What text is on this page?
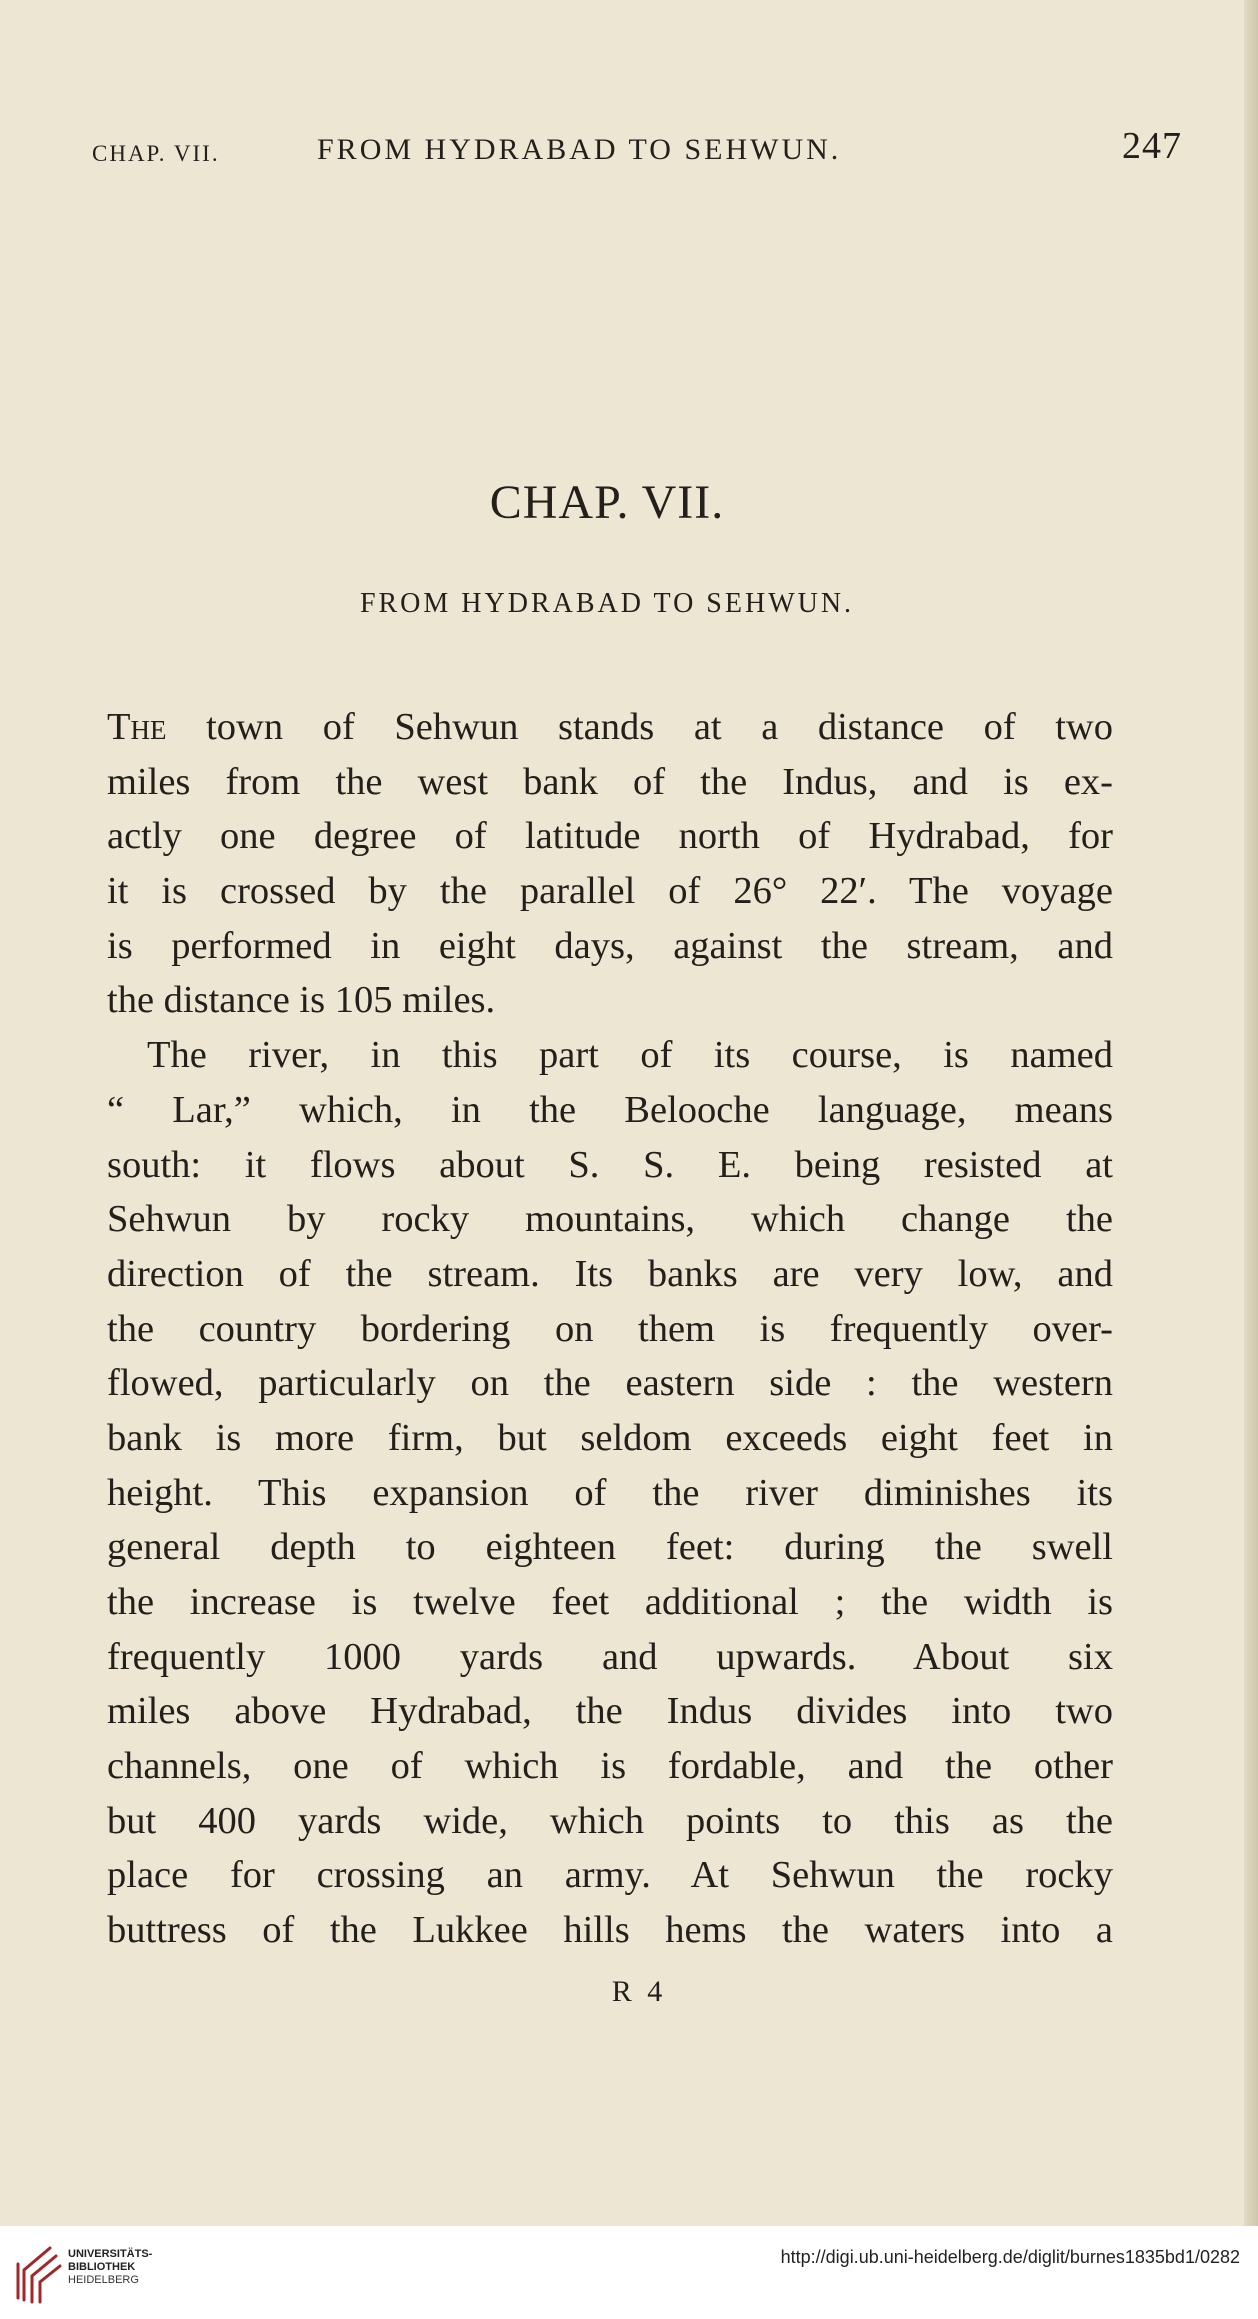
CHAP. VII.	FROM HYDRABAD TO SEHWUN.	247
CHAP. VII.
FROM HYDRABAD TO SEHWUN.
The town of Sehwun stands at a distance of two
miles from the west bank of the Indus, and is ex-
actly one degree of latitude north of Hydrabad, for
it is crossed by the parallel of 26° 22′. The voyage
is performed in eight days, against the stream, and
the distance is 105 miles.
The river, in this part of its course, is named
“ Lar,” which, in the Belooche language, means
south: it flows about S. S. E. being resisted at
Sehwun by rocky mountains, which change the
direction of the stream. Its banks are very low, and
the country bordering on them is frequently over-
flowed, particularly on the eastern side : the western
bank is more firm, but seldom exceeds eight feet in
height. This expansion of the river diminishes its
general depth to eighteen feet: during the swell
the increase is twelve feet additional ; the width is
frequently 1000 yards and upwards. About six
miles above Hydrabad, the Indus divides into two
channels, one of which is fordable, and the other
but 400 yards wide, which points to this as the
place for crossing an army. At Sehwun the rocky
buttress of the Lukkee hills hems the waters into a
R 4
UNIVERSITÄTS-
BIBLIOTHEK
HEIDELBERG
http://digi.ub.uni-heidelberg.de/diglit/burnes1835bd1/0282
